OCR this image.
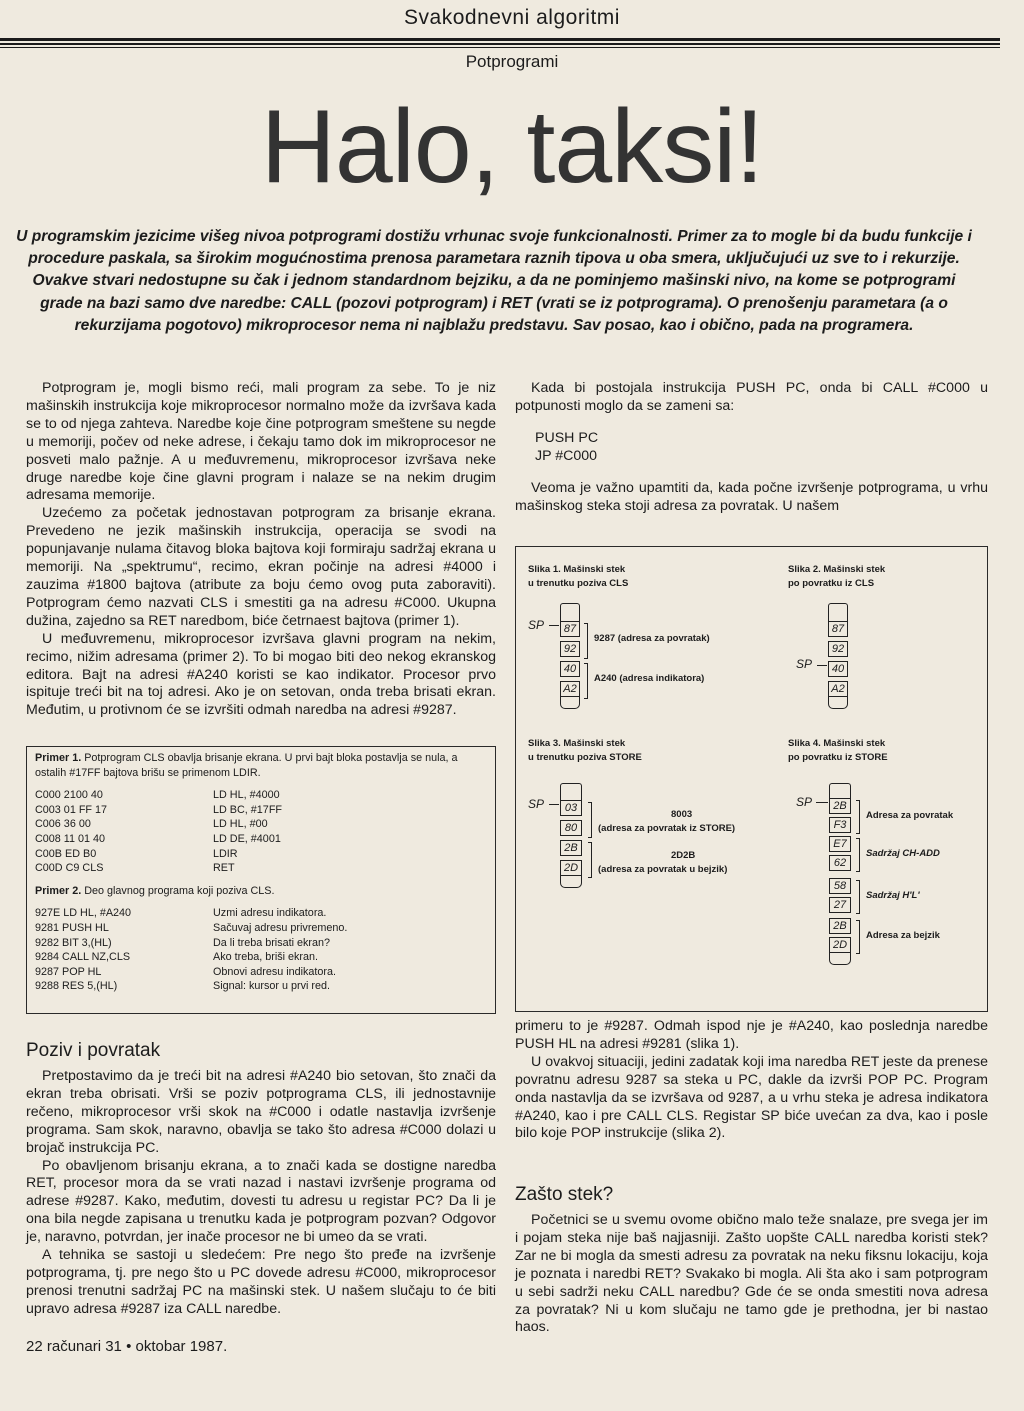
Svakodnevni algoritmi
Potprogrami
Halo, taksi!

U programskim jezicime višeg nivoa potprogrami dostižu vrhunac svoje funkcionalnosti. Primer za to mogle bi da budu funkcije i procedure paskala, sa širokim mogućnostima prenosa parametara raznih tipova u oba smera, uključujući uz sve to i rekurzije. Ovakve stvari nedostupne su čak i jednom standardnom bejziku, a da ne pominjemo mašinski nivo, na kome se potprogrami grade na bazi samo dve naredbe: CALL (pozovi potprogram) i RET (vrati se iz potprograma). O prenošenju parametara (a o rekurzijama pogotovo) mikroprocesor nema ni najblažu predstavu. Sav posao, kao i obično, pada na programera.

Potprogram je, mogli bismo reći, mali program za sebe. To je niz mašinskih instrukcija koje mikroprocesor normalno može da izvršava kada se to od njega zahteva. Naredbe koje čine potprogram smeštene su negde u memoriji, počev od neke adrese, i čekaju tamo dok im mikroprocesor ne posveti malo pažnje. A u međuvremenu, mikroprocesor izvršava neke druge naredbe koje čine glavni program i nalaze se na nekim drugim adresama memorije.

Uzećemo za početak jednostavan potprogram za brisanje ekrana. Prevedeno ne jezik mašinskih instrukcija, operacija se svodi na popunjavanje nulama čitavog bloka bajtova koji formiraju sadržaj ekrana u memoriji. Na „spektrumu“, recimo, ekran počinje na adresi #4000 i zauzima #1800 bajtova (atribute za boju ćemo ovog puta zaboraviti). Potprogram ćemo nazvati CLS i smestiti ga na adresu #C000. Ukupna dužina, zajedno sa RET naredbom, biće četrnaest bajtova (primer 1).

U međuvremenu, mikroprocesor izvršava glavni program na nekim, recimo, nižim adresama (primer 2). To bi mogao biti deo nekog ekranskog editora. Bajt na adresi #A240 koristi se kao indikator. Procesor prvo ispituje treći bit na toj adresi. Ako je on setovan, onda treba brisati ekran. Međutim, u protivnom će se izvršiti odmah naredba na adresi #9287.

Primer 1. Potprogram CLS obavlja brisanje ekrana. U prvi bajt bloka postavlja se nula, a ostalih #17FF bajtova brišu se primenom LDIR.

C000 2100 40	LD HL, #4000
C003 01 FF 17	LD BC, #17FF
C006 36 00	LD HL, #00
C008 11 01 40	LD DE, #4001
C00B ED B0	LDIR
C00D C9 CLS	RET

Primer 2. Deo glavnog programa koji poziva CLS.

927E LD HL, #A240	Uzmi adresu indikatora.
9281 PUSH HL	Sačuvaj adresu privremeno.
9282 BIT 3,(HL)	Da li treba brisati ekran?
9284 CALL NZ,CLS	Ako treba, briši ekran.
9287 POP HL	Obnovi adresu indikatora.
9288 RES 5,(HL)	Signal: kursor u prvi red.
Poziv i povratak

Pretpostavimo da je treći bit na adresi #A240 bio setovan, što znači da ekran treba obrisati. Vrši se poziv potprograma CLS, ili jednostavnije rečeno, mikroprocesor vrši skok na #C000 i odatle nastavlja izvršenje programa. Sam skok, naravno, obavlja se tako što adresa #C000 dolazi u brojač instrukcija PC.

Po obavljenom brisanju ekrana, a to znači kada se dostigne naredba RET, procesor mora da se vrati nazad i nastavi izvršenje programa od adrese #9287. Kako, međutim, dovesti tu adresu u registar PC? Da li je ona bila negde zapisana u trenutku kada je potprogram pozvan? Odgovor je, naravno, potvrdan, jer inače procesor ne bi umeo da se vrati.

A tehnika se sastoji u sledećem: Pre nego što pređe na izvršenje potprograma, tj. pre nego što u PC dovede adresu #C000, mikroprocesor prenosi trenutni sadržaj PC na mašinski stek. U našem slučaju to će biti upravo adresa #9287 iza CALL naredbe.

22 računari 31 • oktobar 1987.

Kada bi postojala instrukcija PUSH PC, onda bi CALL #C000 u potpunosti moglo da se zameni sa:

PUSH PC

JP #C000

Veoma je važno upamtiti da, kada počne izvršenje potprograma, u vrhu mašinskog steka stoji adresa za povratak. U našem

Slika 1. Mašinski stek
u trenutku poziva CLS
SP	87
92
40
A2
9287 (adresa za povratak)
A240 (adresa indikatora)
Slika 2. Mašinski stek
po povratku iz CLS
SP
87
92
40
A2
Slika 3. Mašinski stek
u trenutku poziva STORE
SP	03
80
2B
2D
8003
(adresa za povratak iz STORE)
2D2B
(adresa za povratak u bejzik)
Slika 4. Mašinski stek
po povratku iz STORE
SP	2B
F3
E7
62
58
27
2B
2D
Adresa za povratak
Sadržaj CH-ADD
Sadržaj H'L'
Adresa za bejzik

primeru to je #9287. Odmah ispod nje je #A240, kao poslednja naredbe PUSH HL na adresi #9281 (slika 1).

U ovakvoj situaciji, jedini zadatak koji ima naredba RET jeste da prenese povratnu adresu 9287 sa steka u PC, dakle da izvrši POP PC. Program onda nastavlja da se izvršava od 9287, a u vrhu steka je adresa indikatora #A240, kao i pre CALL CLS. Registar SP biće uvećan za dva, kao i posle bilo koje POP instrukcije (slika 2).

Zašto stek?

Početnici se u svemu ovome obično malo teže snalaze, pre svega jer im i pojam steka nije baš najjasniji. Zašto uopšte CALL naredba koristi stek? Zar ne bi mogla da smesti adresu za povratak na neku fiksnu lokaciju, koja je poznata i naredbi RET? Svakako bi mogla. Ali šta ako i sam potprogram u sebi sadrži neku CALL naredbu? Gde će se onda smestiti nova adresa za povratak? Ni u kom slučaju ne tamo gde je prethodna, jer bi nastao haos.
